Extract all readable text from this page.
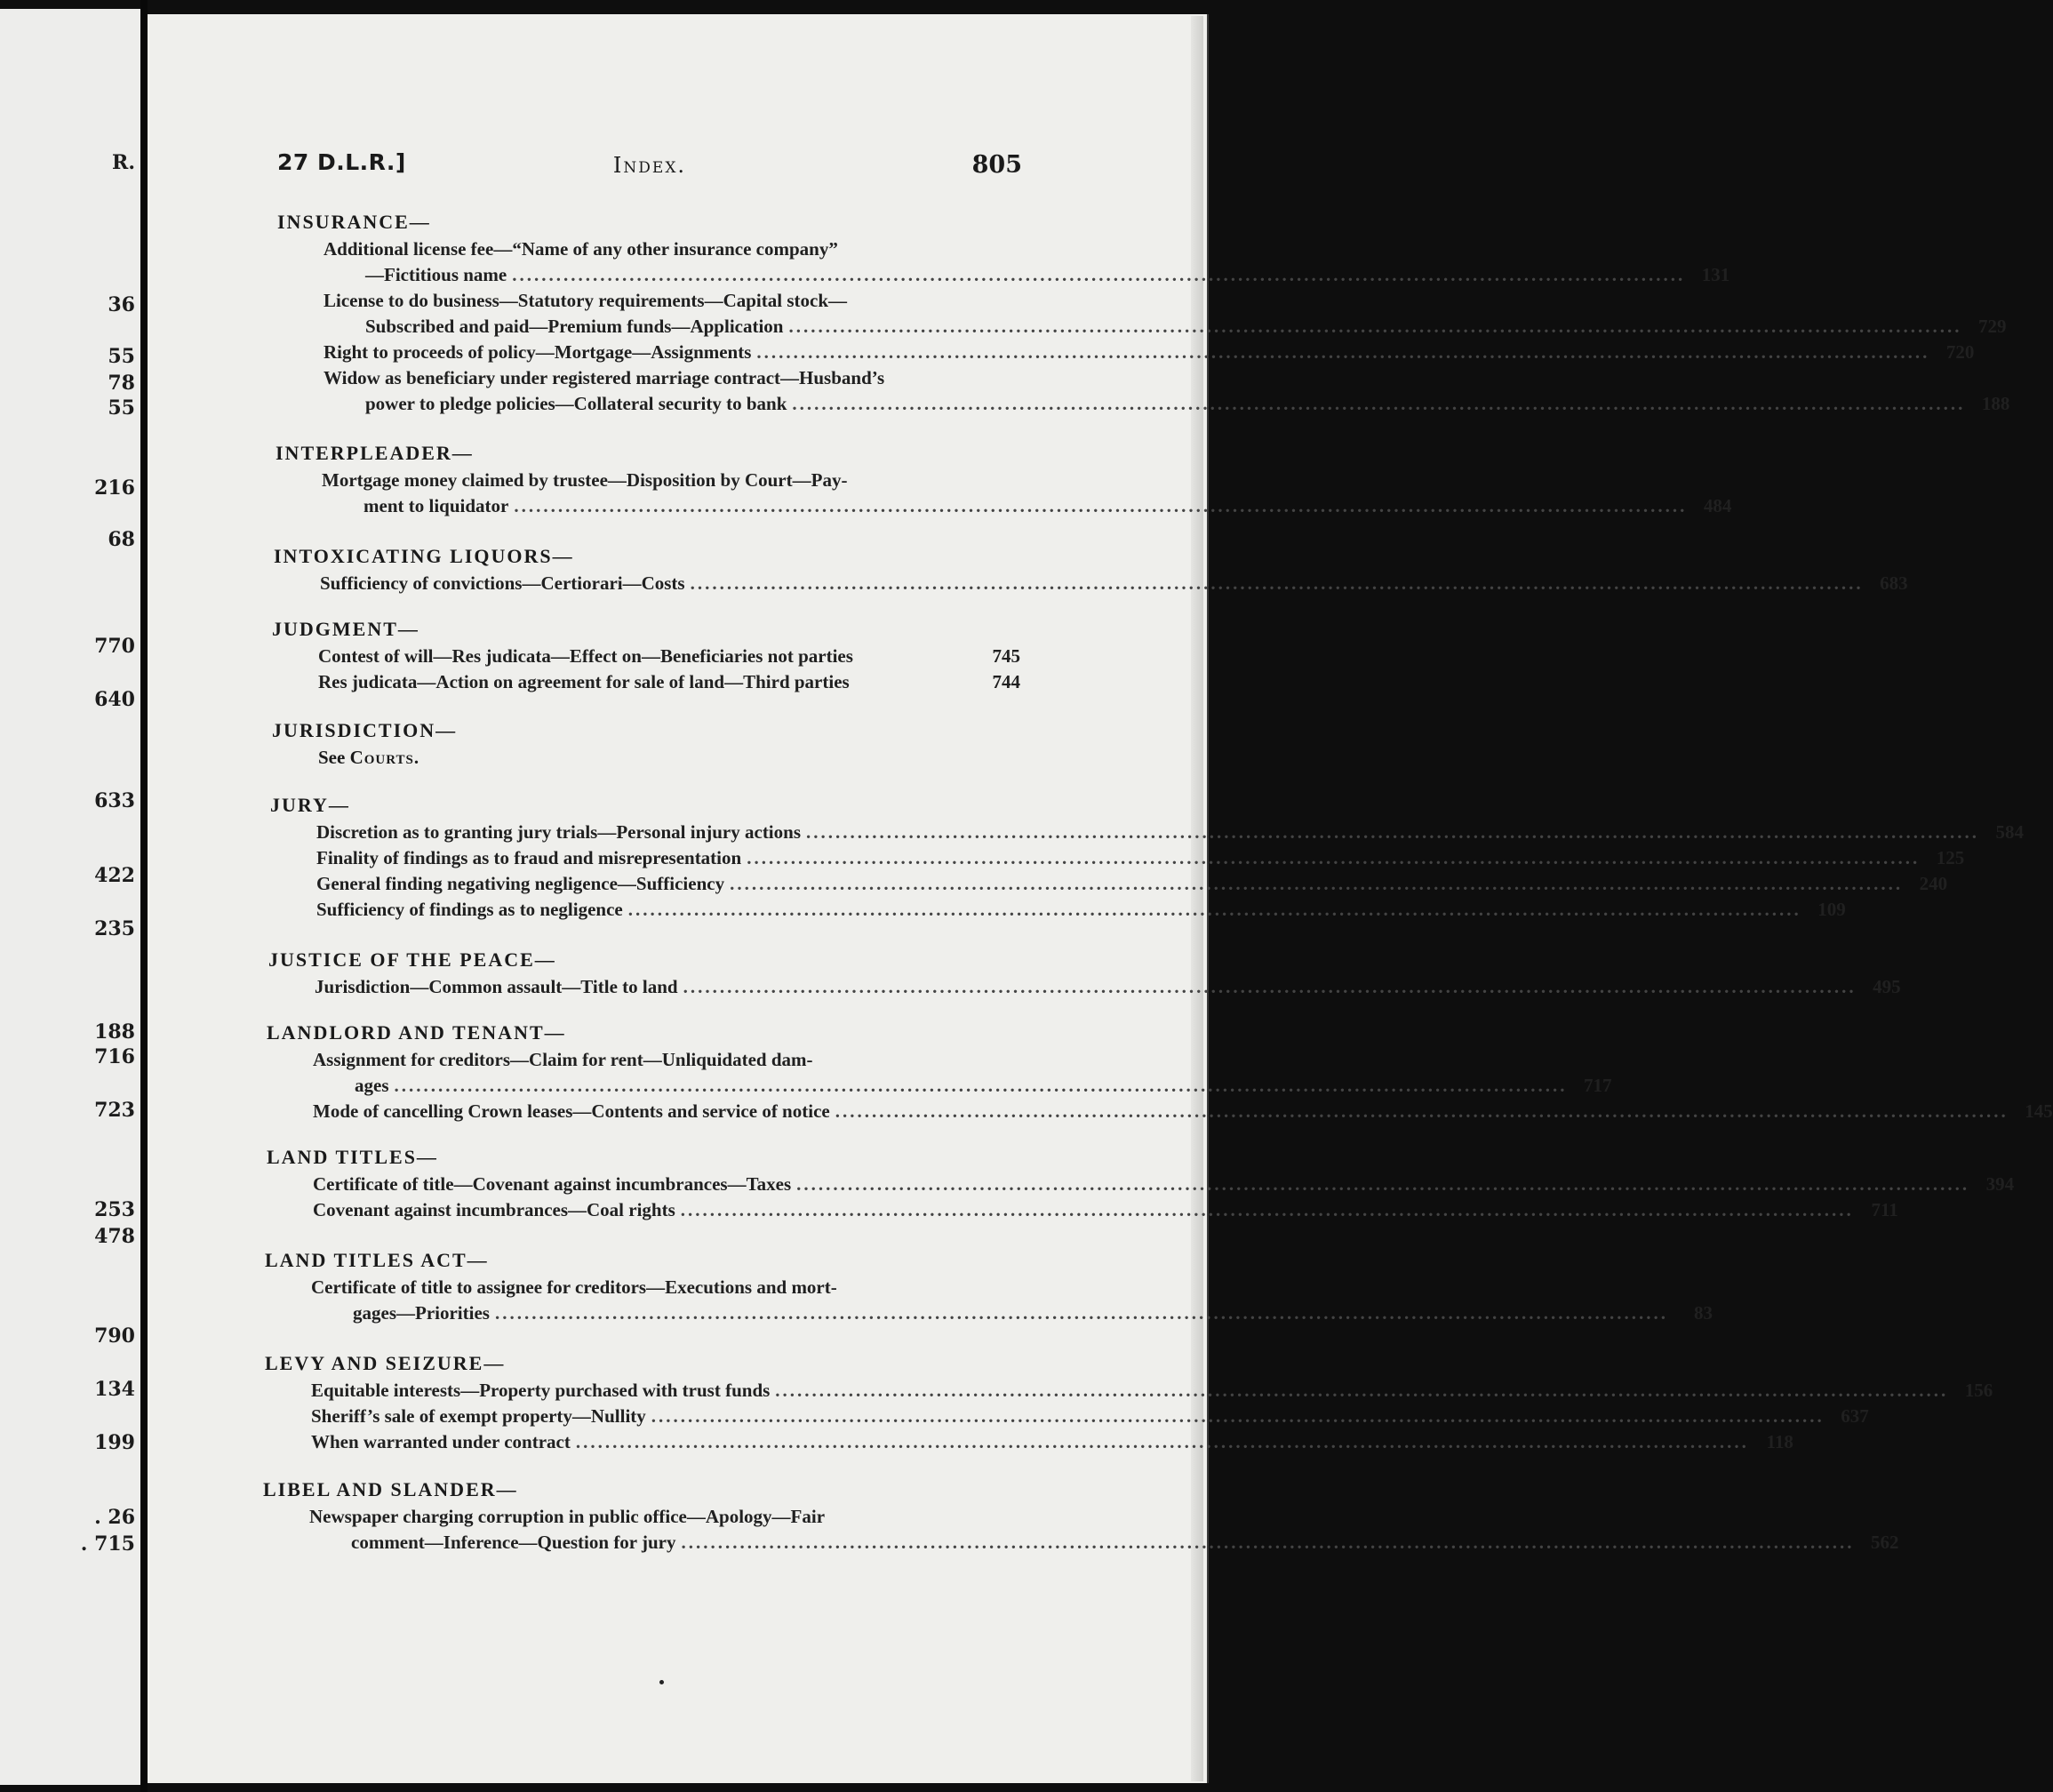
R.
36
55
78
55
216
68
770
640
633
422
235
188
716
723
253
478
790
134
199
. 26
. 715
27 D.L.R.]	Index.	805
INSURANCE—
Additional license fee—“Name of any other insurance company”
—Fictitious name ................................................................................................................................................................ 131
License to do business—Statutory requirements—Capital stock—
Subscribed and paid—Premium funds—Application ................................................................................................................................................................ 729
Right to proceeds of policy—Mortgage—Assignments ................................................................................................................................................................ 720
Widow as beneficiary under registered marriage contract—Husband’s
power to pledge policies—Collateral security to bank ................................................................................................................................................................ 188
INTERPLEADER—
Mortgage money claimed by trustee—Disposition by Court—Pay-
ment to liquidator ................................................................................................................................................................ 484
INTOXICATING LIQUORS—
Sufficiency of convictions—Certiorari—Costs ................................................................................................................................................................ 683
JUDGMENT—
Contest of will—Res judicata—Effect on—Beneficiaries not parties	745
Res judicata—Action on agreement for sale of land—Third parties	744
JURISDICTION—
See Courts.
JURY—
Discretion as to granting jury trials—Personal injury actions ................................................................................................................................................................ 584
Finality of findings as to fraud and misrepresentation ................................................................................................................................................................ 125
General finding negativing negligence—Sufficiency ................................................................................................................................................................ 240
Sufficiency of findings as to negligence ................................................................................................................................................................ 109
JUSTICE OF THE PEACE—
Jurisdiction—Common assault—Title to land ................................................................................................................................................................ 495
LANDLORD AND TENANT—
Assignment for creditors—Claim for rent—Unliquidated dam-
ages ................................................................................................................................................................ 717
Mode of cancelling Crown leases—Contents and service of notice ................................................................................................................................................................ 145
LAND TITLES—
Certificate of title—Covenant against incumbrances—Taxes ................................................................................................................................................................ 394
Covenant against incumbrances—Coal rights ................................................................................................................................................................ 711
LAND TITLES ACT—
Certificate of title to assignee for creditors—Executions and mort-
gages—Priorities ................................................................................................................................................................	83
LEVY AND SEIZURE—
Equitable interests—Property purchased with trust funds ................................................................................................................................................................ 156
Sheriff’s sale of exempt property—Nullity ................................................................................................................................................................ 637
When warranted under contract ................................................................................................................................................................ 118
LIBEL AND SLANDER—
Newspaper charging corruption in public office—Apology—Fair
comment—Inference—Question for jury ................................................................................................................................................................ 562
